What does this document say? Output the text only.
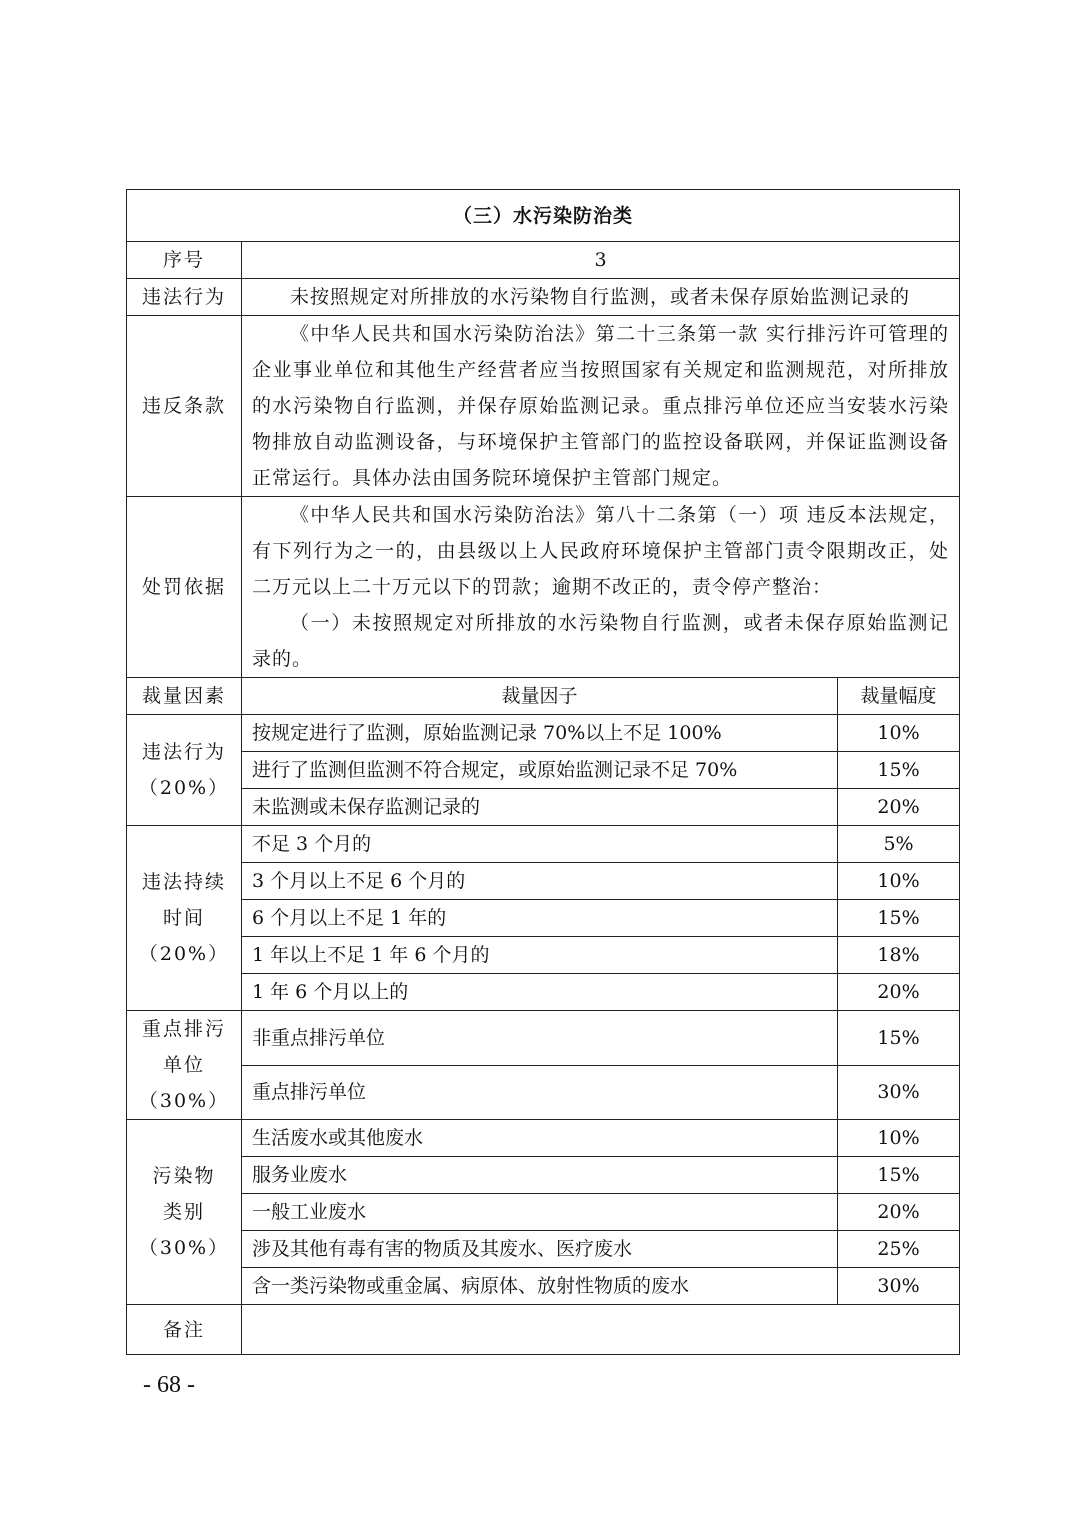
（三）水污染防治类		
序号	3	
违法行为	未按照规定对所排放的水污染物自行监测，或者未保存原始监测记录的	

违反条款	《中华人民共和国水污染防治法》第二十三条第一款 实行排污许可管理的企业事业单位和其他生产经营者应当按照国家有关规定和监测规范，对所排放的水污染物自行监测，并保存原始监测记录。重点排污单位还应当安装水污染物排放自动监测设备，与环境保护主管部门的监控设备联网，并保证监测设备正常运行。具体办法由国务院环境保护主管部门规定。	

处罚依据	《中华人民共和国水污染防治法》第八十二条第（一）项 违反本法规定，有下列行为之一的，由县级以上人民政府环境保护主管部门责令限期改正，处二万元以上二十万元以下的罚款；逾期不改正的，责令停产整治：

（一）未按照规定对所排放的水污染物自行监测，或者未保存原始监测记录的。	

裁量因素	裁量因子	裁量幅度

违法行为
（20%）	按规定进行了监测，原始监测记录 70%以上不足 100%	10%
	进行了监测但监测不符合规定，或原始监测记录不足 70%	15%
	未监测或未保存监测记录的	20%

违法持续
时间
（20%）	不足 3 个月的	5%
	3 个月以上不足 6 个月的	10%
	6 个月以上不足 1 年的	15%
	1 年以上不足 1 年 6 个月的	18%
	1 年 6 个月以上的	20%

重点排污
单位
（30%）	非重点排污单位	15%
	重点排污单位	30%

污染物
类别
（30%）	生活废水或其他废水	10%
	服务业废水	15%
	一般工业废水	20%
	涉及其他有毒有害的物质及其废水、医疗废水	25%
	含一类污染物或重金属、病原体、放射性物质的废水	30%
备注		
- 68 -
